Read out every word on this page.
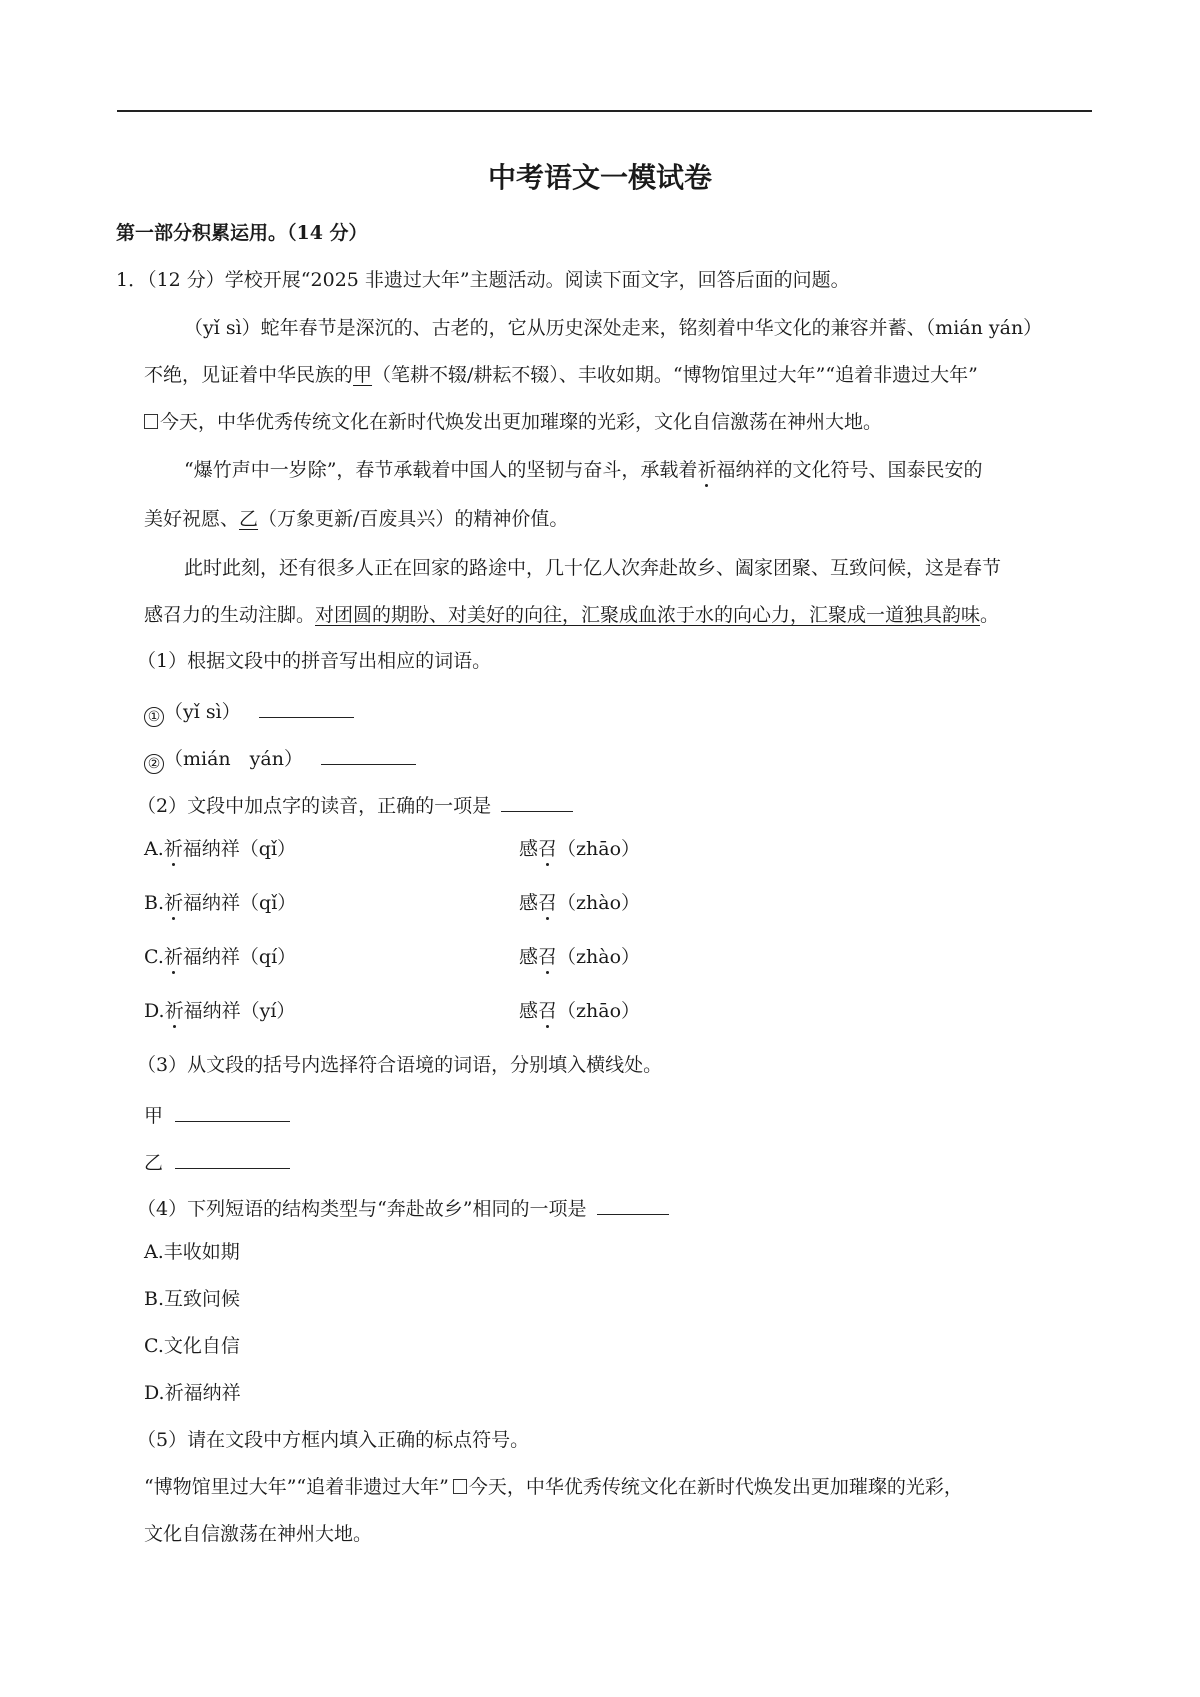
中考语文一模试卷
第一部分积累运用。（14 分）
1．（12 分）学校开展“2025 非遗过大年”主题活动。阅读下面文字，回答后面的问题。
（yǐ sì）蛇年春节是深沉的、古老的，它从历史深处走来，铭刻着中华文化的兼容并蓄、（mián yán）
不绝，见证着中华民族的甲（笔耕不辍/耕耘不辍）、丰收如期。“博物馆里过大年”“追着非遗过大年”
今天，中华优秀传统文化在新时代焕发出更加璀璨的光彩，文化自信激荡在神州大地。
“爆竹声中一岁除”，春节承载着中国人的坚韧与奋斗，承载着祈福纳祥的文化符号、国泰民安的
美好祝愿、乙（万象更新/百废具兴）的精神价值。
此时此刻，还有很多人正在回家的路途中，几十亿人次奔赴故乡、阖家团聚、互致问候，这是春节
感召力的生动注脚。对团圆的期盼、对美好的向往，汇聚成血浓于水的向心力，汇聚成一道独具韵味。
（1）根据文段中的拼音写出相应的词语。
① （yǐ sì）
② （mián　yán）
（2）文段中加点字的读音，正确的一项是
A.祈福纳祥（qǐ）	感召（zhāo）
B.祈福纳祥（qǐ）	感召（zhào）
C.祈福纳祥（qí）	感召（zhào）
D.祈福纳祥（yí）	感召（zhāo）
（3）从文段的括号内选择符合语境的词语，分别填入横线处。
甲
乙
（4）下列短语的结构类型与“奔赴故乡”相同的一项是
A.丰收如期
B.互致问候
C.文化自信
D.祈福纳祥
（5）请在文段中方框内填入正确的标点符号。
“博物馆里过大年”“追着非遗过大年” 今天，中华优秀传统文化在新时代焕发出更加璀璨的光彩，
文化自信激荡在神州大地。
